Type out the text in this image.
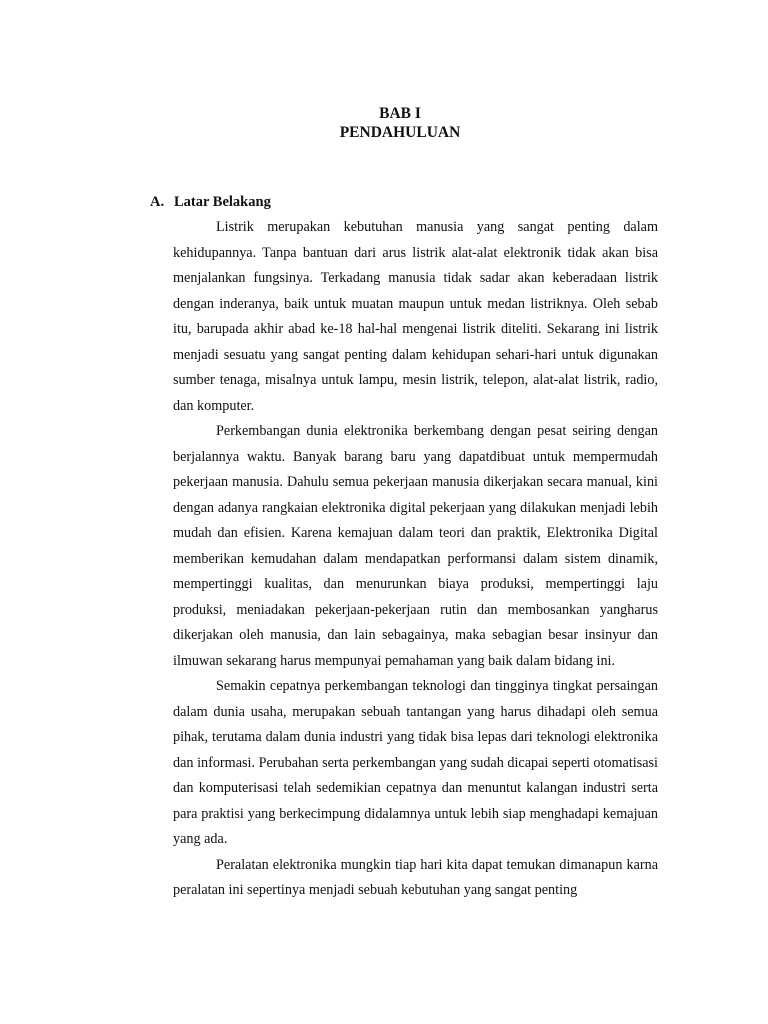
BAB I
PENDAHULUAN
A. Latar Belakang

Listrik merupakan kebutuhan manusia yang sangat penting dalam kehidupannya. Tanpa bantuan dari arus listrik alat-alat elektronik tidak akan bisa menjalankan fungsinya. Terkadang manusia tidak sadar akan keberadaan listrik dengan inderanya, baik untuk muatan maupun untuk medan listriknya. Oleh sebab itu, barupada akhir abad ke-18 hal-hal mengenai listrik diteliti. Sekarang ini listrik menjadi sesuatu yang sangat penting dalam kehidupan sehari-hari untuk digunakan sumber tenaga, misalnya untuk lampu, mesin listrik, telepon, alat-alat listrik, radio, dan komputer.

Perkembangan dunia elektronika berkembang dengan pesat seiring dengan berjalannya waktu. Banyak barang baru yang dapatdibuat untuk mempermudah pekerjaan manusia. Dahulu semua pekerjaan manusia dikerjakan secara manual, kini dengan adanya rangkaian elektronika digital pekerjaan yang dilakukan menjadi lebih mudah dan efisien. Karena kemajuan dalam teori dan praktik, Elektronika Digital memberikan kemudahan dalam mendapatkan performansi dalam sistem dinamik, mempertinggi kualitas, dan menurunkan biaya produksi, mempertinggi laju produksi, meniadakan pekerjaan-pekerjaan rutin dan membosankan yangharus dikerjakan oleh manusia, dan lain sebagainya, maka sebagian besar insinyur dan ilmuwan sekarang harus mempunyai pemahaman yang baik dalam bidang ini.

Semakin cepatnya perkembangan teknologi dan tingginya tingkat persaingan dalam dunia usaha, merupakan sebuah tantangan yang harus dihadapi oleh semua pihak, terutama dalam dunia industri yang tidak bisa lepas dari teknologi elektronika dan informasi. Perubahan serta perkembangan yang sudah dicapai seperti otomatisasi dan komputerisasi telah sedemikian cepatnya dan menuntut kalangan industri serta para praktisi yang berkecimpung didalamnya untuk lebih siap menghadapi kemajuan yang ada.

Peralatan elektronika mungkin tiap hari kita dapat temukan dimanapun karna peralatan ini sepertinya menjadi sebuah kebutuhan yang sangat penting
